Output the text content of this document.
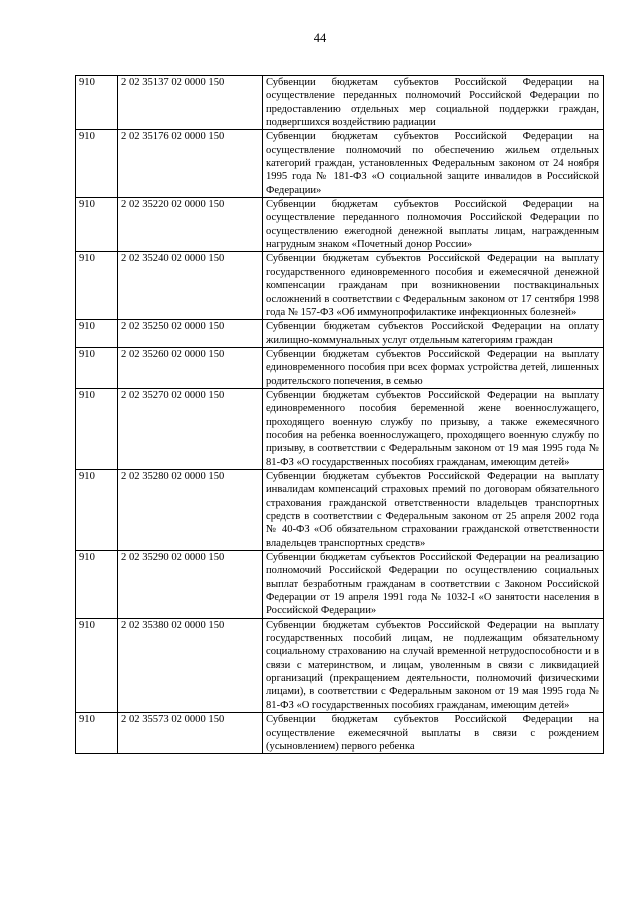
44
910	2 02 35137 02 0000 150	Субвенции бюджетам субъектов Российской Федерации на осуществление переданных полномочий Российской Федерации по предоставлению отдельных мер социальной поддержки граждан, подвергшихся воздействию радиации
910	2 02 35176 02 0000 150	Субвенции бюджетам субъектов Российской Федерации на осуществление полномочий по обеспечению жильем отдельных категорий граждан, установленных Федеральным законом от 24 ноября 1995 года № 181-ФЗ «О социальной защите инвалидов в Российской Федерации»
910	2 02 35220 02 0000 150	Субвенции бюджетам субъектов Российской Федерации на осуществление переданного полномочия Российской Федерации по осуществлению ежегодной денежной выплаты лицам, награжденным нагрудным знаком «Почетный донор России»
910	2 02 35240 02 0000 150	Субвенции бюджетам субъектов Российской Федерации на выплату государственного единовременного пособия и ежемесячной денежной компенсации гражданам при возникновении поствакцинальных осложнений в соответствии с Федеральным законом от 17 сентября 1998 года № 157-ФЗ «Об иммунопрофилактике инфекционных болезней»
910	2 02 35250 02 0000 150	Субвенции бюджетам субъектов Российской Федерации на оплату жилищно-коммунальных услуг отдельным категориям граждан
910	2 02 35260 02 0000 150	Субвенции бюджетам субъектов Российской Федерации на выплату единовременного пособия при всех формах устройства детей, лишенных родительского попечения, в семью
910	2 02 35270 02 0000 150	Субвенции бюджетам субъектов Российской Федерации на выплату единовременного пособия беременной жене военнослужащего, проходящего военную службу по призыву, а также ежемесячного пособия на ребенка военнослужащего, проходящего военную службу по призыву, в соответствии с Федеральным законом от 19 мая 1995 года № 81-ФЗ «О государственных пособиях гражданам, имеющим детей»
910	2 02 35280 02 0000 150	Субвенции бюджетам субъектов Российской Федерации на выплату инвалидам компенсаций страховых премий по договорам обязательного страхования гражданской ответственности владельцев транспортных средств в соответствии с Федеральным законом от 25 апреля 2002 года № 40-ФЗ «Об обязательном страховании гражданской ответственности владельцев транспортных средств»
910	2 02 35290 02 0000 150	Субвенции бюджетам субъектов Российской Федерации на реализацию полномочий Российской Федерации по осуществлению социальных выплат безработным гражданам в соответствии с Законом Российской Федерации от 19 апреля 1991 года № 1032-I «О занятости населения в Российской Федерации»
910	2 02 35380 02 0000 150	Субвенции бюджетам субъектов Российской Федерации на выплату государственных пособий лицам, не подлежащим обязательному социальному страхованию на случай временной нетрудоспособности и в связи с материнством, и лицам, уволенным в связи с ликвидацией организаций (прекращением деятельности, полномочий физическими лицами), в соответствии с Федеральным законом от 19 мая 1995 года № 81-ФЗ «О государственных пособиях гражданам, имеющим детей»
910	2 02 35573 02 0000 150	Субвенции бюджетам субъектов Российской Федерации на осуществление ежемесячной выплаты в связи с рождением (усыновлением) первого ребенка
